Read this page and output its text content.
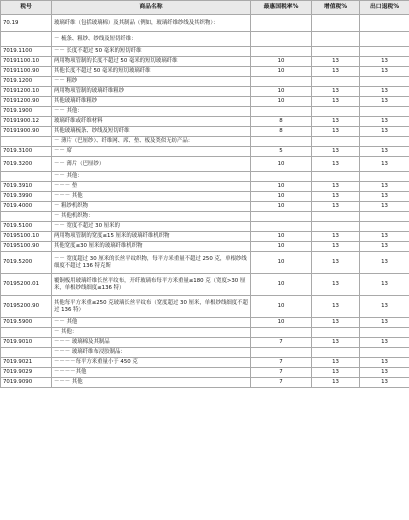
税号	商品名称	最惠国税率%	增值税%	出口退税%
70.19	玻璃纤维（包括玻璃棉）及其制品（例如，玻璃纤维纱线及其织物）：			
	－ 梳条、粗纱、纱线及短切纤维：			
7019.1100	－－ 长度不超过 50 毫米的短切纤维			
70191100.10	两用物项管制的长度不超过 50 毫米的短切玻璃纤维	10	13	13
70191100.90	其他长度不超过 50 毫米的短切玻璃纤维	10	13	13
7019.1200	－－ 粗纱			
70191200.10	两用物项管制的玻璃纤维粗纱	10	13	13
70191200.90	其他玻璃纤维粗纱	10	13	13
7019.1900	－－ 其他：			
70191900.12	玻璃纤维或纤维材料	8	13	13
70191900.90	其他玻璃梳条、纱线及短切纤维	8	13	13
	－ 薄片（巴厘纱）、纤维网、席、垫、板及类似无纺产品：			
7019.3100	－－ 席	5	13	13
7019.3200	－－ 薄片（巴厘纱）	10	13	13
	－－ 其他：			
7019.3910	－－－ 垫	10	13	13
7019.3990	－－－ 其他	10	13	13
7019.4000	－ 粗纱机织物	10	13	13
	－ 其他机织物：			
7019.5100	－－ 宽度不超过 30 厘米的			
70195100.10	两用物项管制的宽度≤15 厘米的玻璃纤维机织物	10	13	13
70195100.90	其他宽度≤30 厘米的玻璃纤维机织物	10	13	13
7019.5200	－－ 宽度超过 30 厘米的长丝平纹织物，每平方米重量不超过 250 克，单根纱线细度不超过 136 特克斯	10	13	13
70195200.01	覆铜板用玻璃纤维长丝平纹布，开纤玻璃布每平方米重量≤180 克（宽度>30 厘米，单根纱线细度≤136 特）	10	13	13
70195200.90	其他每平方米重≤250 克玻璃长丝平纹布（宽度超过 30 厘米，单根纱线细度不超过 136 特）	10	13	13
7019.5900	－－ 其他	10	13	13
	－ 其他：			
7019.9010	－－－ 玻璃棉及其制品	7	13	13
	－－－ 玻璃纤维布浸胶制品：			
7019.9021	－－－－每平方米重量小于 450 克	7	13	13
7019.9029	－－－－其他	7	13	13
7019.9090	－－－ 其他	7	13	13
